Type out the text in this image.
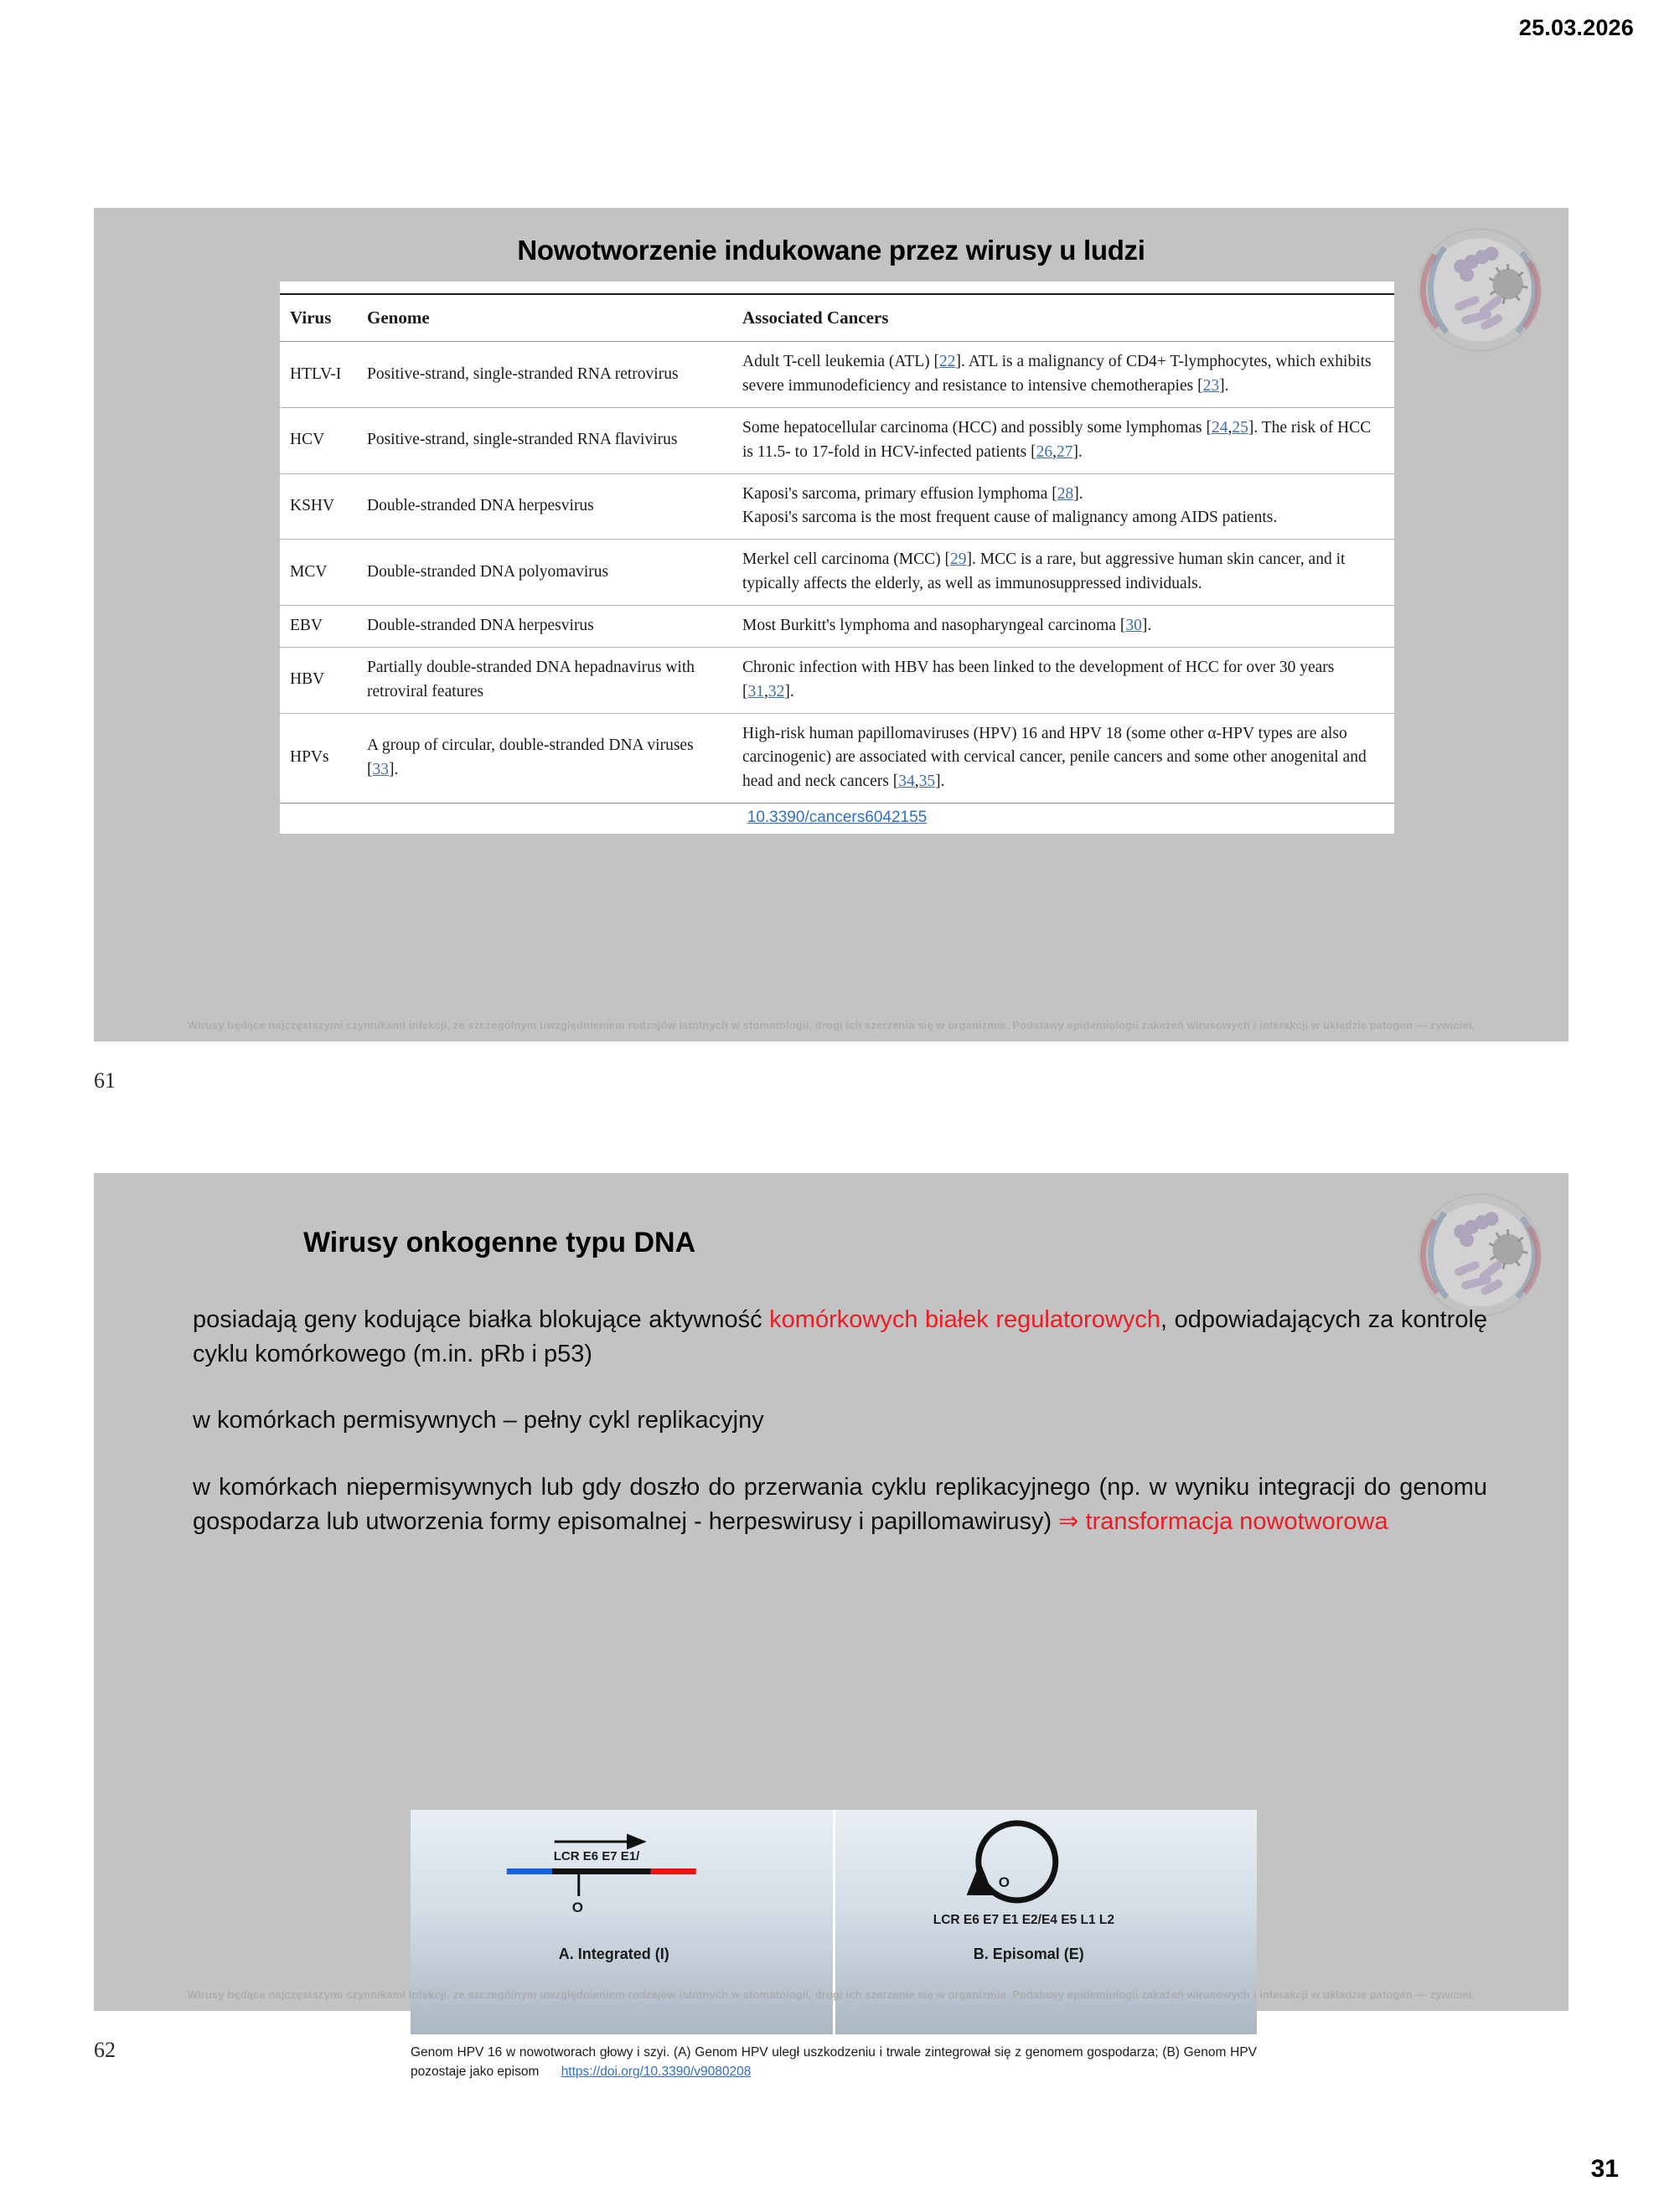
25.03.2026
Nowotworzenie indukowane przez wirusy u ludzi
Virus	Genome	Associated Cancers
HTLV-I	Positive-strand, single-stranded RNA retrovirus	Adult T-cell leukemia (ATL) [22]. ATL is a malignancy of CD4+ T-lymphocytes, which exhibits severe immunodeficiency and resistance to intensive chemotherapies [23].
HCV	Positive-strand, single-stranded RNA flavivirus	Some hepatocellular carcinoma (HCC) and possibly some lymphomas [24,25]. The risk of HCC is 11.5- to 17-fold in HCV-infected patients [26,27].
KSHV	Double-stranded DNA herpesvirus	Kaposi's sarcoma, primary effusion lymphoma [28].
Kaposi's sarcoma is the most frequent cause of malignancy among AIDS patients.
MCV	Double-stranded DNA polyomavirus	Merkel cell carcinoma (MCC) [29]. MCC is a rare, but aggressive human skin cancer, and it typically affects the elderly, as well as immunosuppressed individuals.
EBV	Double-stranded DNA herpesvirus	Most Burkitt's lymphoma and nasopharyngeal carcinoma [30].
HBV	Partially double-stranded DNA hepadnavirus with retroviral features	Chronic infection with HBV has been linked to the development of HCC for over 30 years [31,32].
HPVs	A group of circular, double-stranded DNA viruses [33].	High-risk human papillomaviruses (HPV) 16 and HPV 18 (some other α-HPV types are also carcinogenic) are associated with cervical cancer, penile cancers and some other anogenital and head and neck cancers [34,35].
10.3390/cancers6042155
Wirusy będące najczęstszymi czynnikami infekcji, ze szczególnym uwzględnieniem rodzajów istotnych w stomatologii, drogi ich szerzenia się w organizmie. Podstawy epidemiologii zakażeń wirusowych i interakcji w układzie patogen — żywiciel.
61
Wirusy onkogenne typu DNA

posiadają geny kodujące białka blokujące aktywność komórkowych białek regulatorowych, odpowiadających za kontrolę cyklu komórkowego (m.in. pRb i p53)

w komórkach permisywnych – pełny cykl replikacyjny

w komórkach niepermisywnych lub gdy doszło do przerwania cyklu replikacyjnego (np. w wyniku integracji do genomu gospodarza lub utworzenia formy episomalnej - herpeswirusy i papillomawirusy) ⇒ transformacja nowotworowa

LCR E6 E7 E1/
O
A. Integrated (I)
O
LCR E6 E7 E1 E2/E4 E5 L1 L2
B. Episomal (E)
Genom HPV 16 w nowotworach głowy i szyi. (A) Genom HPV uległ uszkodzeniu i trwale zintegrował się z genomem gospodarza; (B) Genom HPV pozostaje jako episom https://doi.org/10.3390/v9080208
Wirusy będące najczęstszymi czynnikami infekcji, ze szczególnym uwzględnieniem rodzajów istotnych w stomatologii, drogi ich szerzenia się w organizmie. Podstawy epidemiologii zakażeń wirusowych i interakcji w układzie patogen — żywiciel.
62
31
